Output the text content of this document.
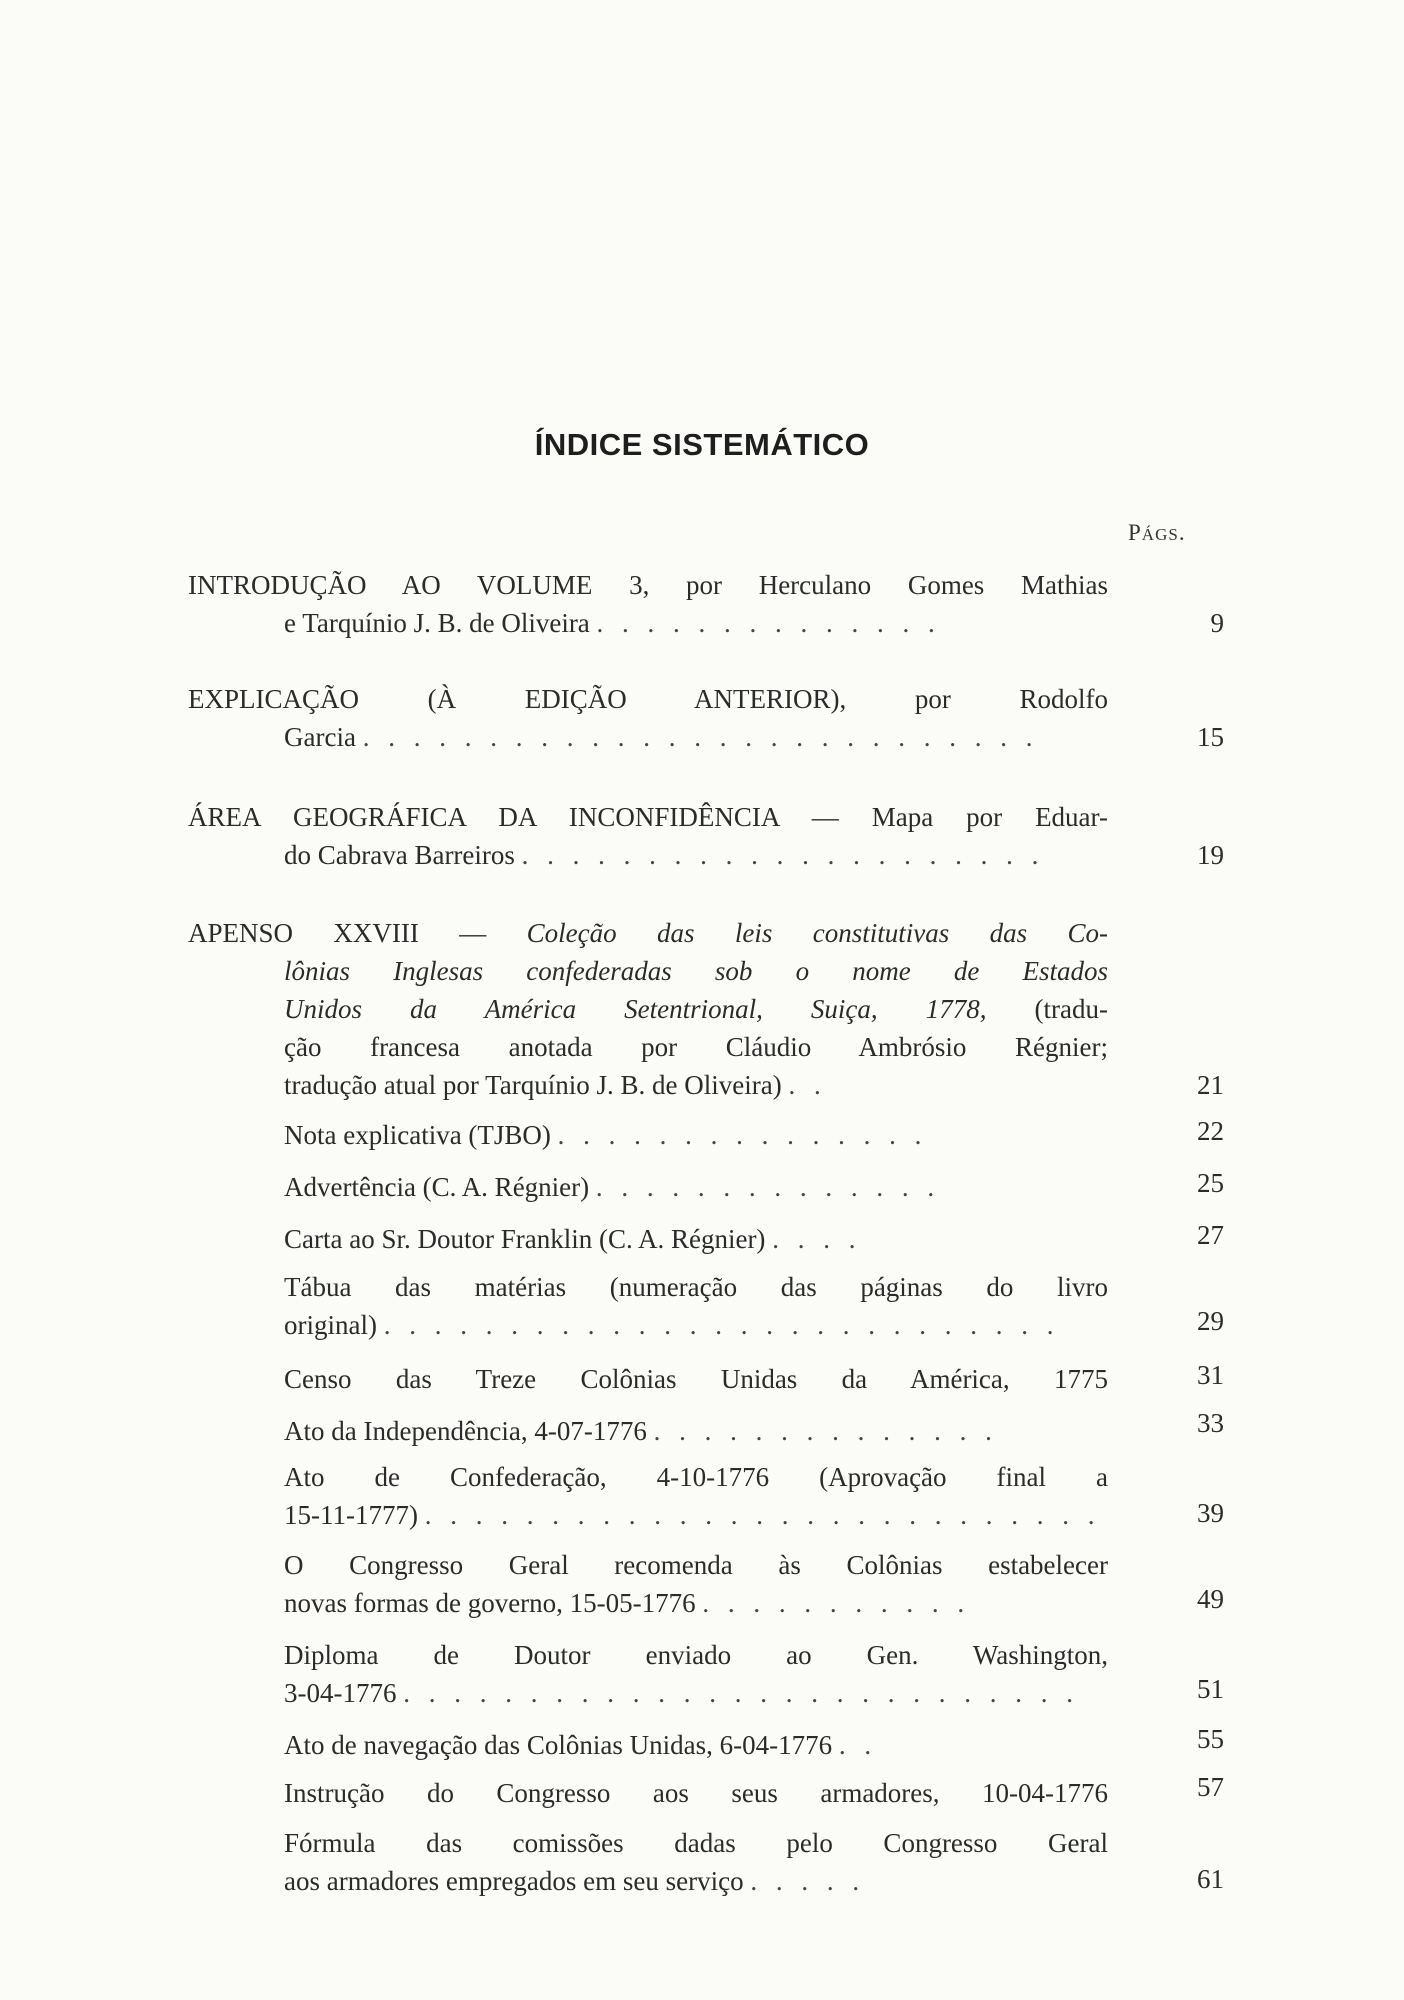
ÍNDICE SISTEMÁTICO
PÁGS.
INTRODUÇÃO AO VOLUME 3, por Herculano Gomes Mathias
e Tarquínio J. B. de Oliveira . . . . . . . . . . . . . .	9
EXPLICAÇÃO (À EDIÇÃO ANTERIOR), por Rodolfo
Garcia . . . . . . . . . . . . . . . . . . . . . . . . . . .	15
ÁREA GEOGRÁFICA DA INCONFIDÊNCIA — Mapa por Eduar-
do Cabrava Barreiros . . . . . . . . . . . . . . . . . . . . .	19
APENSO XXVIII — Coleção das leis constitutivas das Co-
lônias Inglesas confederadas sob o nome de Estados
Unidos da América Setentrional, Suiça, 1778, (tradu-
ção francesa anotada por Cláudio Ambrósio Régnier;
tradução atual por Tarquínio J. B. de Oliveira) . .	21
Nota explicativa (TJBO) . . . . . . . . . . . . . . .	22
Advertência (C. A. Régnier) . . . . . . . . . . . . . .	25
Carta ao Sr. Doutor Franklin (C. A. Régnier) . . . .	27
Tábua das matérias (numeração das páginas do livro
original) . . . . . . . . . . . . . . . . . . . . . . . . . . .	29
Censo das Treze Colônias Unidas da América, 1775	31
Ato da Independência, 4-07-1776 . . . . . . . . . . . . . .	33
Ato de Confederação, 4-10-1776 (Aprovação final a
15-11-1777) . . . . . . . . . . . . . . . . . . . . . . . . . . .	39
O Congresso Geral recomenda às Colônias estabelecer
novas formas de governo, 15-05-1776 . . . . . . . . . . .	49
Diploma de Doutor enviado ao Gen. Washington,
3-04-1776 . . . . . . . . . . . . . . . . . . . . . . . . . . .	51
Ato de navegação das Colônias Unidas, 6-04-1776 . .	55
Instrução do Congresso aos seus armadores, 10-04-1776	57
Fórmula das comissões dadas pelo Congresso Geral
aos armadores empregados em seu serviço . . . . .	61
